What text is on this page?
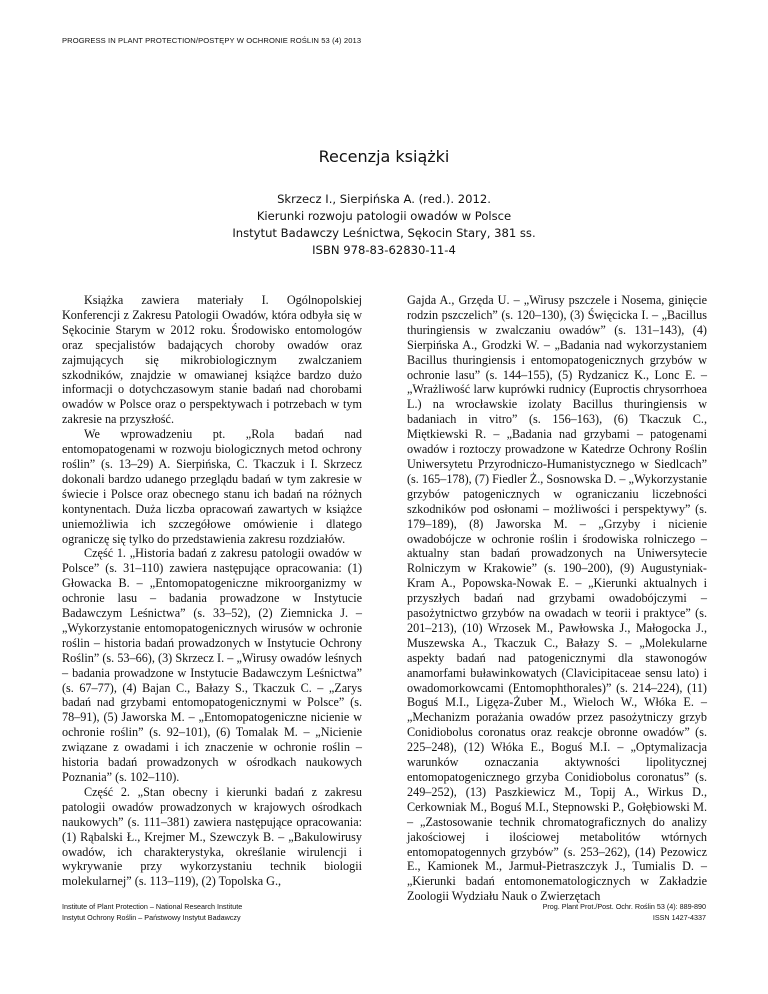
PROGRESS IN PLANT PROTECTION/POSTĘPY W OCHRONIE ROŚLIN 53 (4) 2013
Recenzja książki
Skrzecz I., Sierpińska A. (red.). 2012.
Kierunki rozwoju patologii owadów w Polsce
Instytut Badawczy Leśnictwa, Sękocin Stary, 381 ss.
ISBN 978-83-62830-11-4

Książka zawiera materiały I. Ogólnopolskiej Konferencji z Zakresu Patologii Owadów, która odbyła się w Sękocinie Starym w 2012 roku. Środowisko entomologów oraz specjalistów badających choroby owadów oraz zajmujących się mikrobiologicznym zwalczaniem szkodników, znajdzie w omawianej książce bardzo dużo informacji o dotychczasowym stanie badań nad chorobami owadów w Polsce oraz o perspektywach i potrzebach w tym zakresie na przyszłość.

We wprowadzeniu pt. „Rola badań nad entomopatogenami w rozwoju biologicznych metod ochrony roślin” (s. 13–29) A. Sierpińska, C. Tkaczuk i I. Skrzecz dokonali bardzo udanego przeglądu badań w tym zakresie w świecie i Polsce oraz obecnego stanu ich badań na różnych kontynentach. Duża liczba opracowań zawartych w książce uniemożliwia ich szczegółowe omówienie i dlatego ograniczę się tylko do przedstawienia zakresu rozdziałów.

Część 1. „Historia badań z zakresu patologii owadów w Polsce” (s. 31–110) zawiera następujące opracowania: (1) Głowacka B. – „Entomopatogeniczne mikroorganizmy w ochronie lasu – badania prowadzone w Instytucie Badawczym Leśnictwa” (s. 33–52), (2) Ziemnicka J. – „Wykorzystanie entomopatogenicznych wirusów w ochronie roślin – historia badań prowadzonych w Instytucie Ochrony Roślin” (s. 53–66), (3) Skrzecz I. – „Wirusy owadów leśnych – badania prowadzone w Instytucie Badawczym Leśnictwa” (s. 67–77), (4) Bajan C., Bałazy S., Tkaczuk C. – „Zarys badań nad grzybami entomopatogenicznymi w Polsce” (s. 78–91), (5) Jaworska M. – „Entomopatogeniczne nicienie w ochronie roślin” (s. 92–101), (6) Tomalak M. – „Nicienie związane z owadami i ich znaczenie w ochronie roślin – historia badań prowadzonych w ośrodkach naukowych Poznania” (s. 102–110).

Część 2. „Stan obecny i kierunki badań z zakresu patologii owadów prowadzonych w krajowych ośrodkach naukowych” (s. 111–381) zawiera następujące opracowania: (1) Rąbalski Ł., Krejmer M., Szewczyk B. – „Bakulowirusy owadów, ich charakterystyka, określanie wirulencji i wykrywanie przy wykorzystaniu technik biologii molekularnej” (s. 113–119), (2) Topolska G.,

Gajda A., Grzęda U. – „Wirusy pszczele i Nosema, ginięcie rodzin pszczelich” (s. 120–130), (3) Święcicka I. – „Bacillus thuringiensis w zwalczaniu owadów” (s. 131–143), (4) Sierpińska A., Grodzki W. – „Badania nad wykorzystaniem Bacillus thuringiensis i entomopatogenicznych grzybów w ochronie lasu” (s. 144–155), (5) Rydzanicz K., Lonc E. – „Wrażliwość larw kuprówki rudnicy (Euproctis chrysorrhoea L.) na wrocławskie izolaty Bacillus thuringiensis w badaniach in vitro” (s. 156–163), (6) Tkaczuk C., Miętkiewski R. – „Badania nad grzybami – patogenami owadów i roztoczy prowadzone w Katedrze Ochrony Roślin Uniwersytetu Przyrodniczo-Humanistycznego w Siedlcach” (s. 165–178), (7) Fiedler Ż., Sosnowska D. – „Wykorzystanie grzybów patogenicznych w ograniczaniu liczebności szkodników pod osłonami – możliwości i perspektywy” (s. 179–189), (8) Jaworska M. – „Grzyby i nicienie owadobójcze w ochronie roślin i środowiska rolniczego – aktualny stan badań prowadzonych na Uniwersytecie Rolniczym w Krakowie” (s. 190–200), (9) Augustyniak-Kram A., Popowska-Nowak E. – „Kierunki aktualnych i przyszłych badań nad grzybami owadobójczymi – pasożytnictwo grzybów na owadach w teorii i praktyce” (s. 201–213), (10) Wrzosek M., Pawłowska J., Małogocka J., Muszewska A., Tkaczuk C., Bałazy S. – „Molekularne aspekty badań nad patogenicznymi dla stawonogów anamorfami buławinkowatych (Clavicipitaceae sensu lato) i owadomorkowcami (Entomophthorales)” (s. 214–224), (11) Boguś M.I., Ligęza-Żuber M., Wieloch W., Włóka E. – „Mechanizm porażania owadów przez pasożytniczy grzyb Conidiobolus coronatus oraz reakcje obronne owadów” (s. 225–248), (12) Włóka E., Boguś M.I. – „Optymalizacja warunków oznaczania aktywności lipolitycznej entomopatogenicznego grzyba Conidiobolus coronatus” (s. 249–252), (13) Paszkiewicz M., Topij A., Wirkus D., Cerkowniak M., Boguś M.I., Stepnowski P., Gołębiowski M. – „Zastosowanie technik chromatograficznych do analizy jakościowej i ilościowej metabolitów wtórnych entomopatogennych grzybów” (s. 253–262), (14) Pezowicz E., Kamionek M., Jarmuł-Pietraszczyk J., Tumialis D. – „Kierunki badań entomonematologicznych w Zakładzie Zoologii Wydziału Nauk o Zwierzętach

Institute of Plant Protection – National Research Institute
Instytut Ochrony Roślin – Państwowy Instytut Badawczy
Prog. Plant Prot./Post. Ochr. Roślin 53 (4): 889-890
ISSN 1427-4337
